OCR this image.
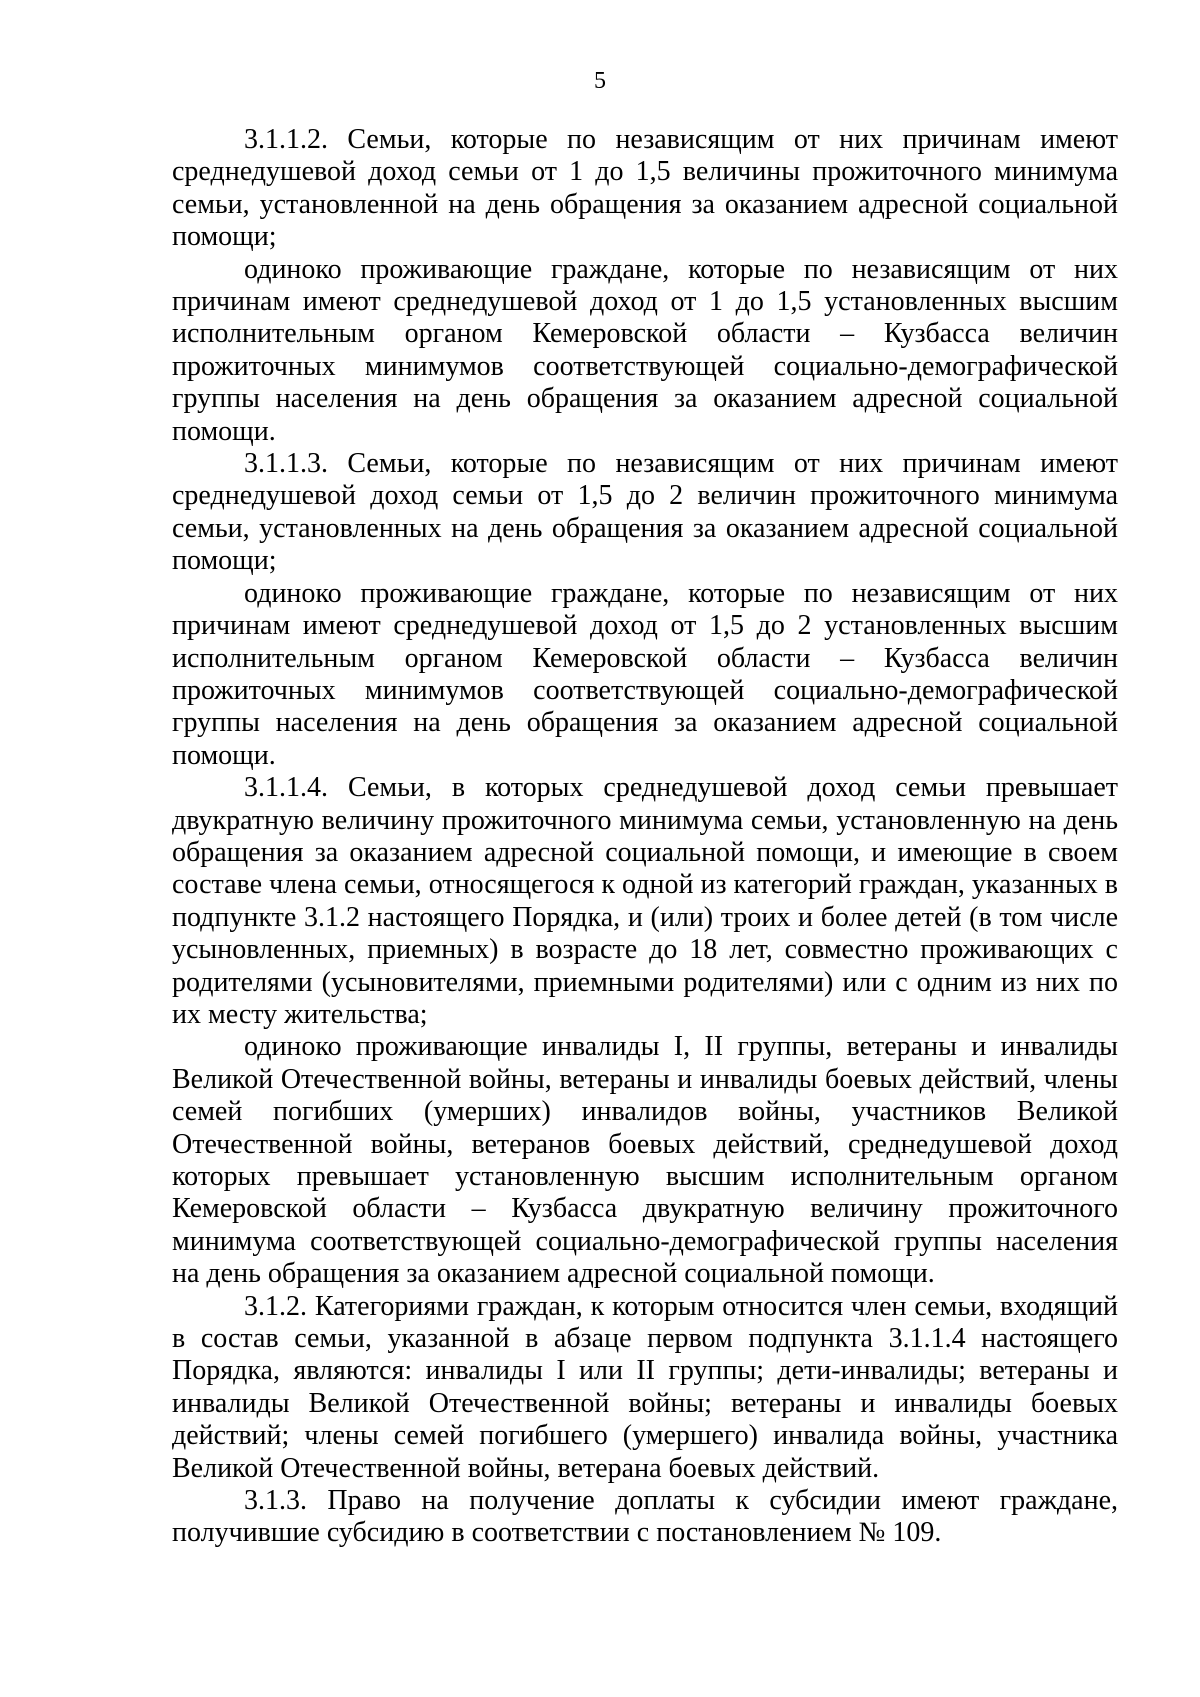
5

3.1.1.2. Семьи, которые по независящим от них причинам имеют среднедушевой доход семьи от 1 до 1,5 величины прожиточного минимума семьи, установленной на день обращения за оказанием адресной социальной помощи;

одиноко проживающие граждане, которые по независящим от них причинам имеют среднедушевой доход от 1 до 1,5 установленных высшим исполнительным органом Кемеровской области – Кузбасса величин прожиточных минимумов соответствующей социально-демографической группы населения на день обращения за оказанием адресной социальной помощи.

3.1.1.3. Семьи, которые по независящим от них причинам имеют среднедушевой доход семьи от 1,5 до 2 величин прожиточного минимума семьи, установленных на день обращения за оказанием адресной социальной помощи;

одиноко проживающие граждане, которые по независящим от них причинам имеют среднедушевой доход от 1,5 до 2 установленных высшим исполнительным органом Кемеровской области – Кузбасса величин прожиточных минимумов соответствующей социально-демографической группы населения на день обращения за оказанием адресной социальной помощи.

3.1.1.4. Семьи, в которых среднедушевой доход семьи превышает двукратную величину прожиточного минимума семьи, установленную на день обращения за оказанием адресной социальной помощи, и имеющие в своем составе члена семьи, относящегося к одной из категорий граждан, указанных в подпункте 3.1.2 настоящего Порядка, и (или) троих и более детей (в том числе усыновленных, приемных) в возрасте до 18 лет, совместно проживающих с родителями (усыновителями, приемными родителями) или с одним из них по их месту жительства;

одиноко проживающие инвалиды I, II группы, ветераны и инвалиды Великой Отечественной войны, ветераны и инвалиды боевых действий, члены семей погибших (умерших) инвалидов войны, участников Великой Отечественной войны, ветеранов боевых действий, среднедушевой доход которых превышает установленную высшим исполнительным органом Кемеровской области – Кузбасса двукратную величину прожиточного минимума соответствующей социально-демографической группы населения на день обращения за оказанием адресной социальной помощи.

3.1.2. Категориями граждан, к которым относится член семьи, входящий в состав семьи, указанной в абзаце первом подпункта 3.1.1.4 настоящего Порядка, являются: инвалиды I или II группы; дети-инвалиды; ветераны и инвалиды Великой Отечественной войны; ветераны и инвалиды боевых действий; члены семей погибшего (умершего) инвалида войны, участника Великой Отечественной войны, ветерана боевых действий.

3.1.3. Право на получение доплаты к субсидии имеют граждане, получившие субсидию в соответствии с постановлением № 109.
